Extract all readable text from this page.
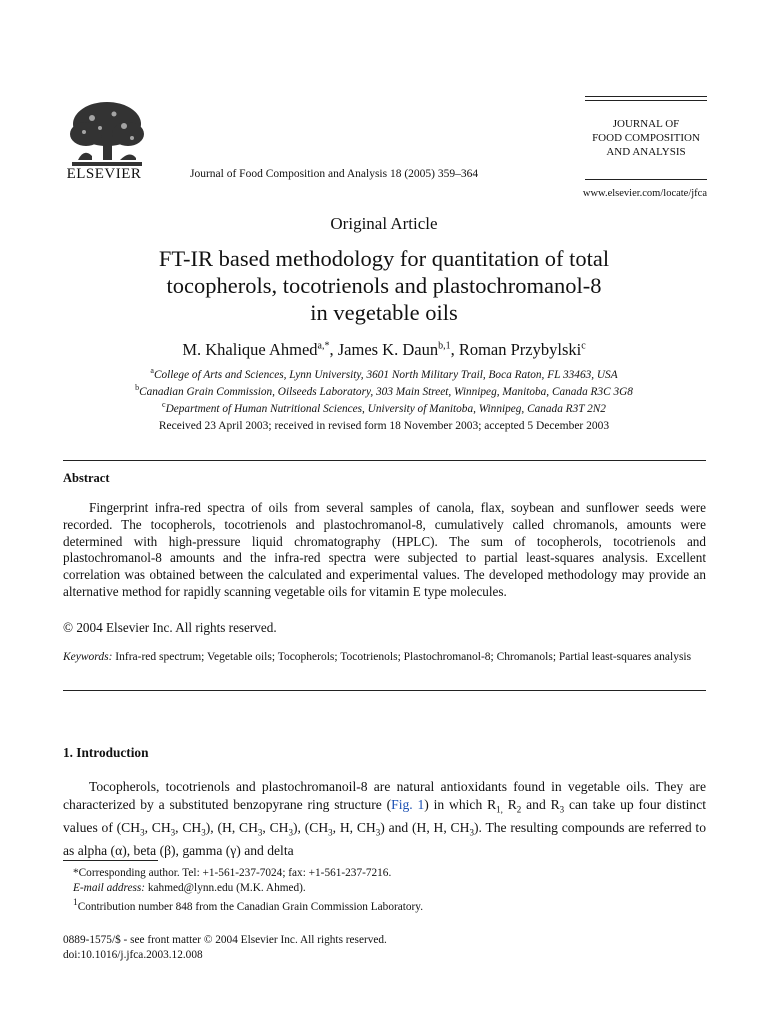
ELSEVIER	Journal of Food Composition and Analysis 18 (2005) 359–364
JOURNAL OF
FOOD COMPOSITION
AND ANALYSIS
www.elsevier.com/locate/jfca
Original Article
FT-IR based methodology for quantitation of total
tocopherols, tocotrienols and plastochromanol-8
in vegetable oils
M. Khalique Ahmed$^{a,*}$, James K. Daun$^{b,1}$, Roman Przybylski$^c$
$^a$College of Arts and Sciences, Lynn University, 3601 North Military Trail, Boca Raton, FL 33463, USA
$^b$Canadian Grain Commission, Oilseeds Laboratory, 303 Main Street, Winnipeg, Manitoba, Canada R3C 3G8
$^c$Department of Human Nutritional Sciences, University of Manitoba, Winnipeg, Canada R3T 2N2
Received 23 April 2003; received in revised form 18 November 2003; accepted 5 December 2003
Abstract
Fingerprint infra-red spectra of oils from several samples of canola, flax, soybean and sunflower seeds were recorded. The tocopherols, tocotrienols and plastochromanol-8, cumulatively called chromanols, amounts were determined with high-pressure liquid chromatography (HPLC). The sum of tocopherols, tocotrienols and plastochromanol-8 amounts and the infra-red spectra were subjected to partial least-squares analysis. Excellent correlation was obtained between the calculated and experimental values. The developed methodology may provide an alternative method for rapidly scanning vegetable oils for vitamin E type molecules.
© 2004 Elsevier Inc. All rights reserved.
Keywords: Infra-red spectrum; Vegetable oils; Tocopherols; Tocotrienols; Plastochromanol-8; Chromanols; Partial least-squares analysis
1. Introduction
Tocopherols, tocotrienols and plastochromanoil-8 are natural antioxidants found in vegetable oils. They are characterized by a substituted benzopyrane ring structure (Fig. 1) in which $R_{1,}$ $R_2$ and $R_3$ can take up four distinct values of ($CH_3$, $CH_3$, $CH_3$), (H, $CH_3$, $CH_3$), ($CH_3$, H, $CH_3$) and (H, H, $CH_3$). The resulting compounds are referred to as alpha (α), beta (β), gamma (γ) and delta
*Corresponding author. Tel: +1-561-237-7024; fax: +1-561-237-7216.
E-mail address: kahmed@lynn.edu (M.K. Ahmed).
$^1$Contribution number 848 from the Canadian Grain Commission Laboratory.
0889-1575/$ - see front matter © 2004 Elsevier Inc. All rights reserved.
doi:10.1016/j.jfca.2003.12.008
